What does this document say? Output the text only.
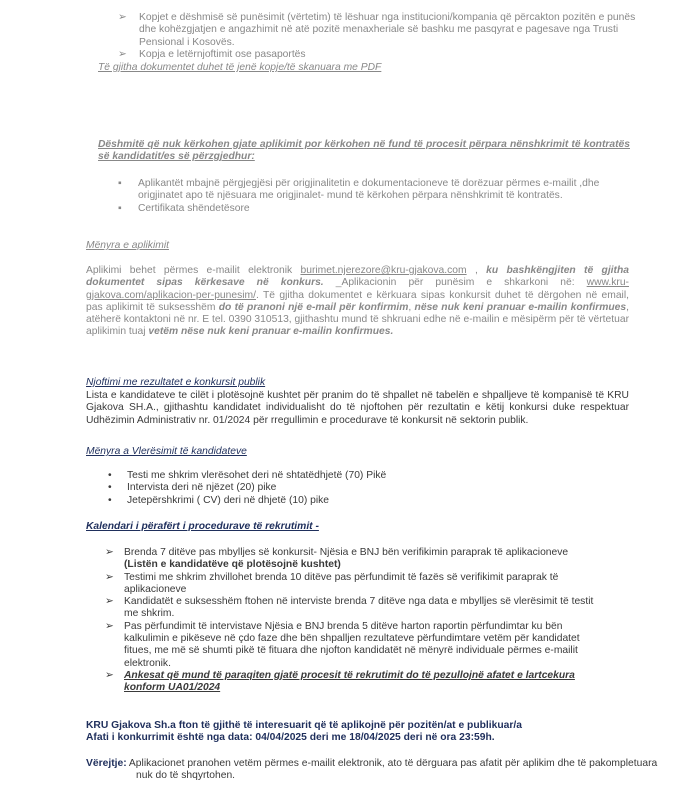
➢ Kopjet e dëshmisë së punësimit (vërtetim) të lëshuar nga institucioni/kompania që përcakton pozitën e punës dhe kohëzgjatjen e angazhimit në atë pozitë menaxheriale së bashku me pasqyrat e pagesave nga Trusti Pensional i Kosovës.
➢ Kopja e letërnjoftimit ose pasaportës
Të gjitha dokumentet duhet të jenë kopje/të skanuara me PDF
Dëshmitë që nuk kërkohen gjate aplikimit por kërkohen në fund të procesit përpara nënshkrimit të kontratës së kandidatit/es së përzgjedhur:
▪ Aplikantët mbajnë përgjegjësi për origjinalitetin e dokumentacioneve të dorëzuar përmes e-mailit ,dhe origjinatet apo të njësuara me origjinalet- mund të kërkohen përpara nënshkrimit të kontratës.
▪ Certifikata shëndetësore
Mënyra e aplikimit
Aplikimi behet përmes e-mailit elektronik burimet.njerezore@kru-gjakova.com , ku bashkëngjiten të gjitha dokumentet sipas kërkesave në konkurs. _Aplikacionin për punësim e shkarkoni në: www.kru-gjakova.com/aplikacion-per-punesim/. Të gjitha dokumentet e kërkuara sipas konkursit duhet të dërgohen në email, pas aplikimit të suksesshëm do të pranoni një e-mail për konfirmim, nëse nuk keni pranuar e-mailin konfirmues, atëherë kontaktoni në nr. E tel. 0390 310513, gjithashtu mund të shkruani edhe në e-mailin e mësipërm për të vërtetuar aplikimin tuaj vetëm nëse nuk keni pranuar e-mailin konfirmues.
Njoftimi me rezultatet e konkursit publik
Lista e kandidateve te cilët i plotësojnë kushtet për pranim do të shpallet në tabelën e shpalljeve të kompanisë të KRU Gjakova SH.A., gjithashtu kandidatet individualisht do të njoftohen për rezultatin e këtij konkursi duke respektuar Udhëzimin Administrativ nr. 01/2024 për rregullimin e procedurave të konkursit në sektorin publik.
Mënyra a Vlerësimit të kandidateve
• Testi me shkrim vlerësohet deri në shtatëdhjetë (70) Pikë
• Intervista deri në njëzet (20) pike
• Jetepërshkrimi ( CV) deri në dhjetë (10) pike
Kalendari i përafërt i procedurave të rekrutimit -
➢ Brenda 7 ditëve pas mbylljes së konkursit- Njësia e BNJ bën verifikimin paraprak të aplikacioneve
(Listën e kandidatëve që plotësojnë kushtet)
➢ Testimi me shkrim zhvillohet brenda 10 ditëve pas përfundimit të fazës së verifikimit paraprak të aplikacioneve
➢ Kandidatët e suksesshëm ftohen në interviste brenda 7 ditëve nga data e mbylljes së vlerësimit të testit me shkrim.
➢ Pas përfundimit të intervistave Njësia e BNJ brenda 5 ditëve harton raportin përfundimtar ku bën kalkulimin e pikëseve në çdo faze dhe bën shpalljen rezultateve përfundimtare vetëm për kandidatet fitues, me më së shumti pikë të fituara dhe njofton kandidatët në mënyrë individuale përmes e-mailit elektronik.
➢ Ankesat që mund të paraqiten gjatë procesit të rekrutimit do të pezullojnë afatet e lartcekura konform UA01/2024
KRU Gjakova Sh.a fton të gjithë të interesuarit që të aplikojnë për pozitën/at e publikuar/a
Afati i konkurrimit është nga data: 04/04/2025 deri me 18/04/2025 deri në ora 23:59h.
Vërejtje: Aplikacionet pranohen vetëm përmes e-mailit elektronik, ato të dërguara pas afatit për aplikim dhe të pakompletuara nuk do të shqyrtohen.
